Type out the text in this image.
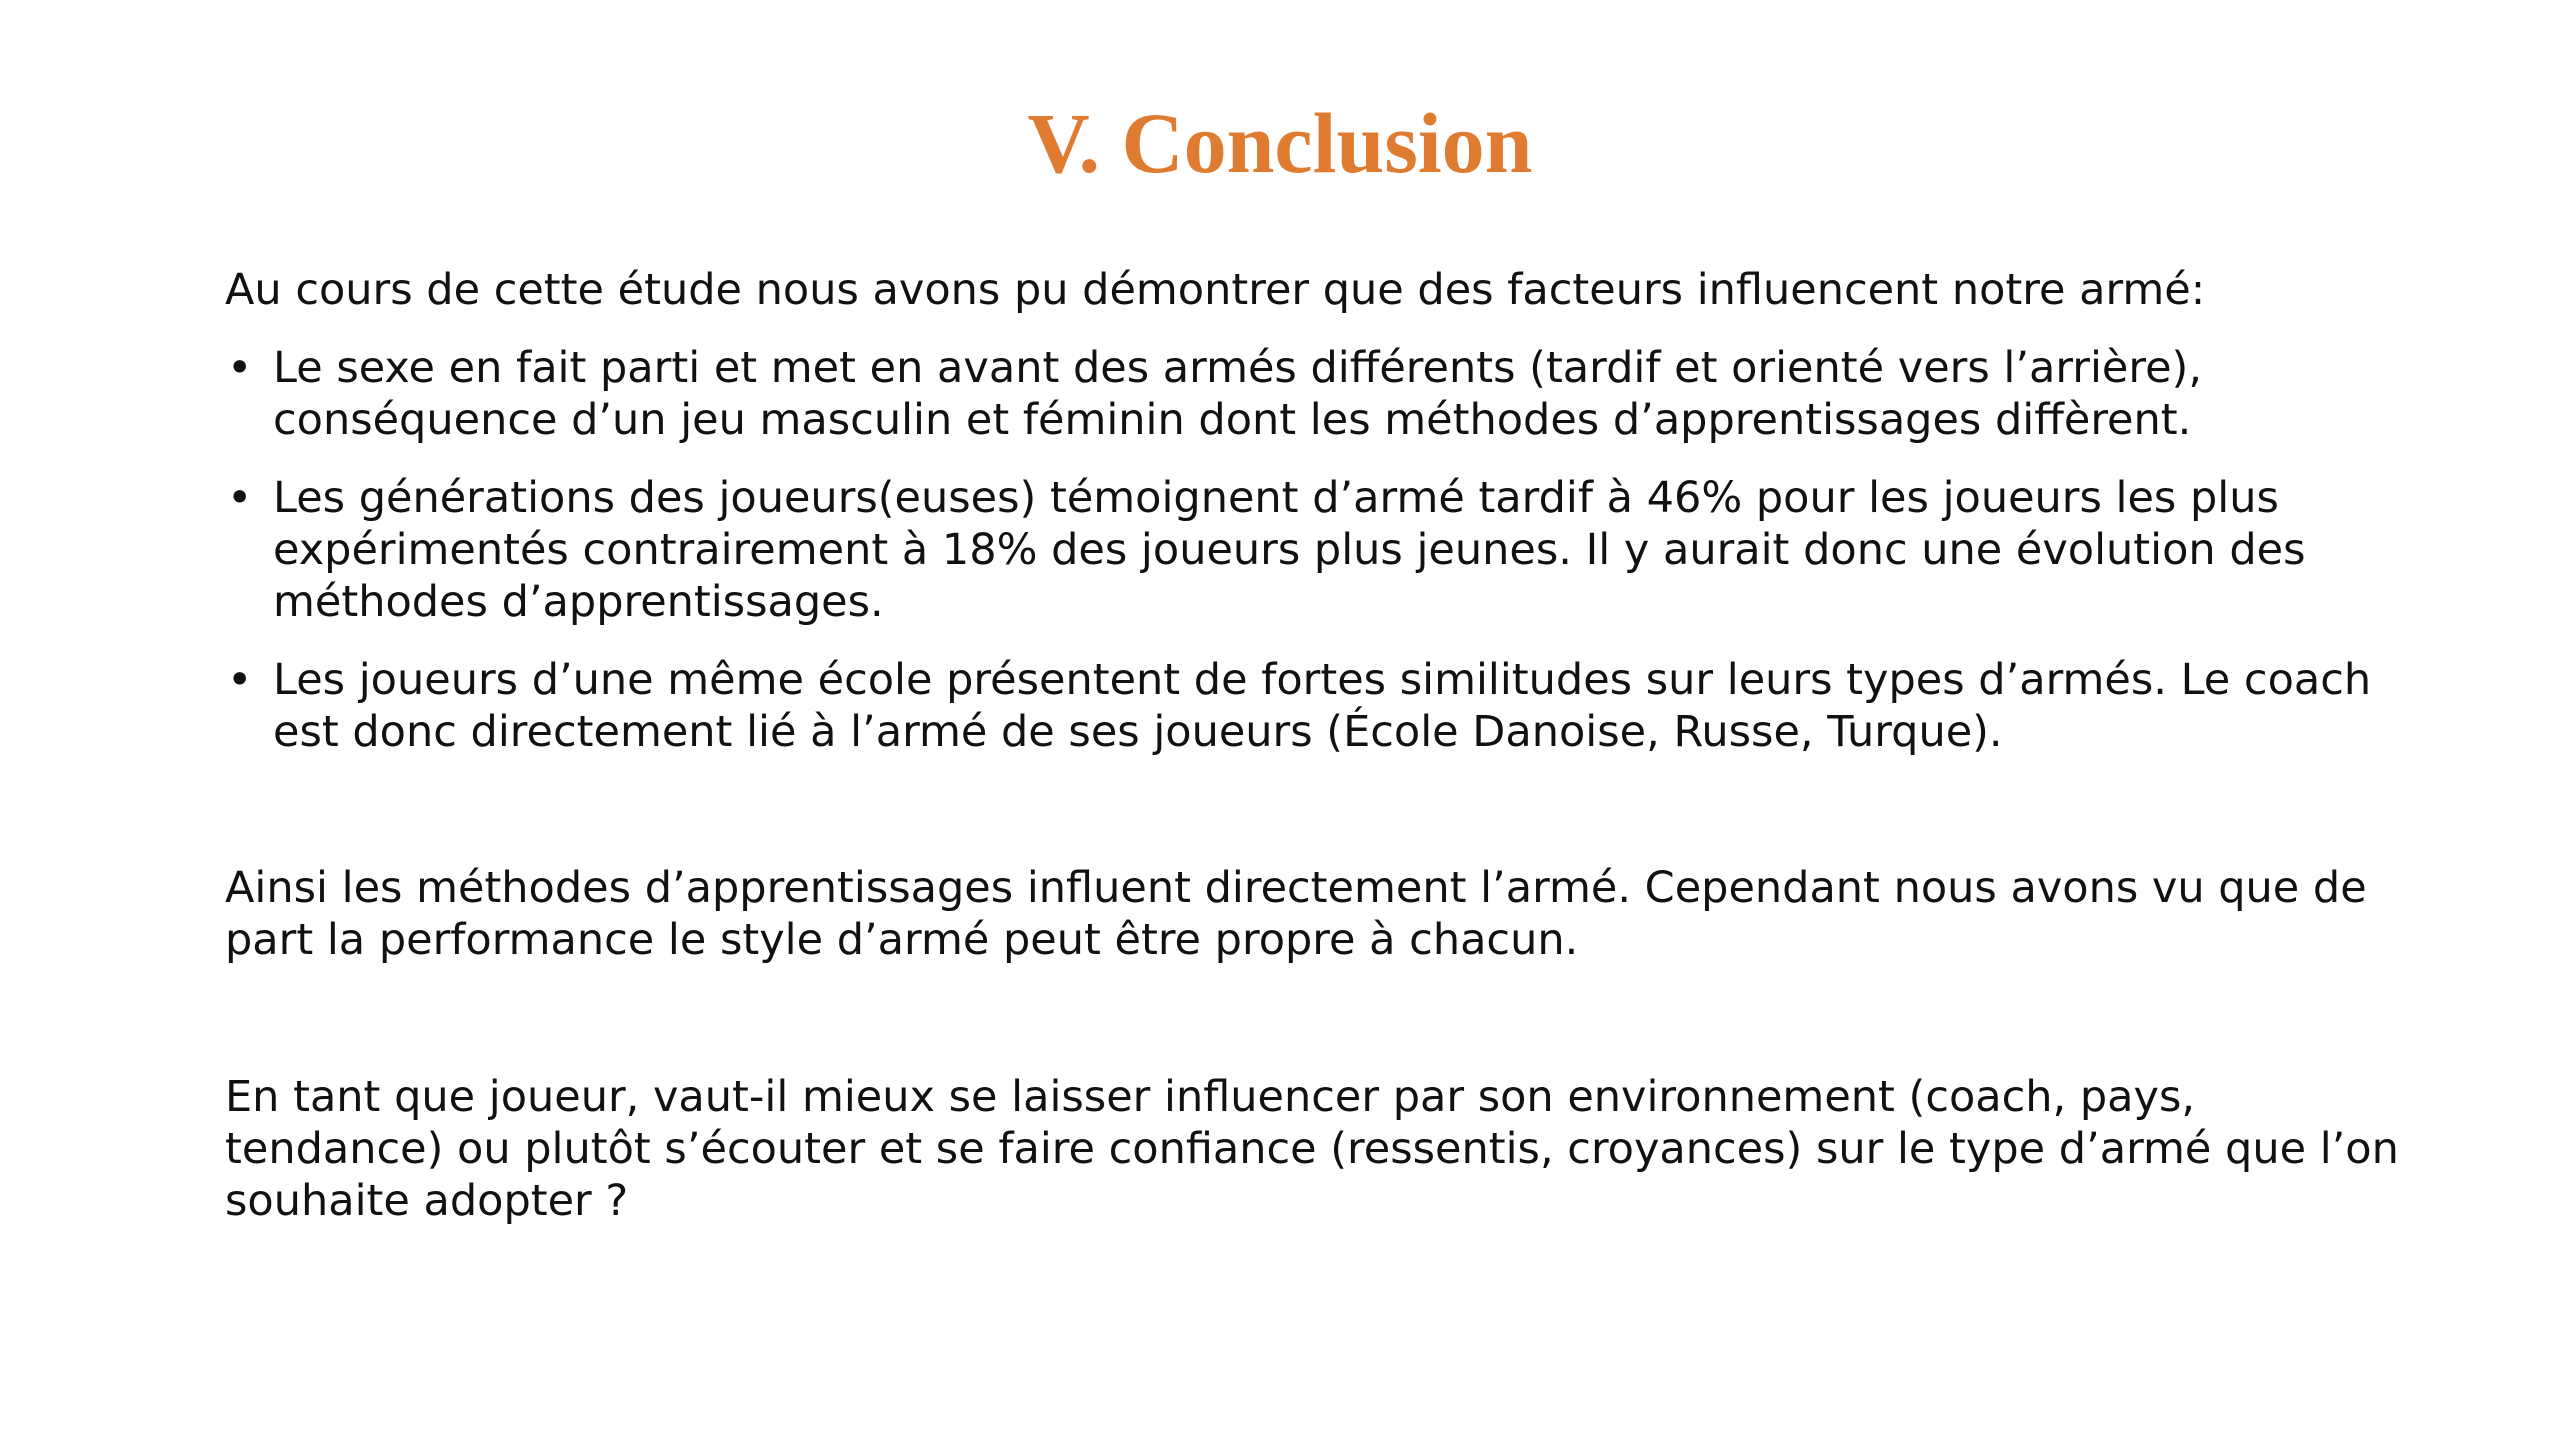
V. Conclusion

Au cours de cette étude nous avons pu démontrer que des facteurs influencent notre armé:

• Le sexe en fait parti et met en avant des armés différents (tardif et orienté vers l’arrière), conséquence d’un jeu masculin et féminin dont les méthodes d’apprentissages diffèrent.
• Les générations des joueurs(euses) témoignent d’armé tardif à 46% pour les joueurs les plus expérimentés contrairement à 18% des joueurs plus jeunes. Il y aurait donc une évolution des méthodes d’apprentissages.
• Les joueurs d’une même école présentent de fortes similitudes sur leurs types d’armés. Le coach est donc directement lié à l’armé de ses joueurs (École Danoise, Russe, Turque).

Ainsi les méthodes d’apprentissages influent directement l’armé. Cependant nous avons vu que de part la performance le style d’armé peut être propre à chacun.

En tant que joueur, vaut-il mieux se laisser influencer par son environnement (coach, pays, tendance) ou plutôt s’écouter et se faire confiance (ressentis, croyances) sur le type d’armé que l’on souhaite adopter ?
